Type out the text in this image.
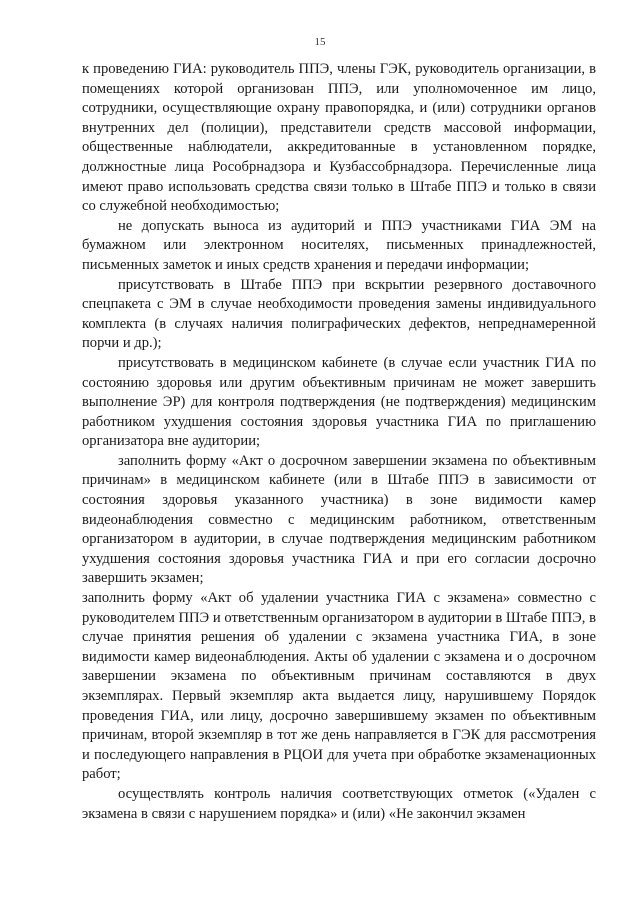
15

к проведению ГИА: руководитель ППЭ, члены ГЭК, руководитель организации, в помещениях которой организован ППЭ, или уполномоченное им лицо, сотрудники, осуществляющие охрану правопорядка, и (или) сотрудники органов внутренних дел (полиции), представители средств массовой информации, общественные наблюдатели, аккредитованные в установленном порядке, должностные лица Рособрнадзора и Кузбассобрнадзора. Перечисленные лица имеют право использовать средства связи только в Штабе ППЭ и только в связи со служебной необходимостью;

не допускать выноса из аудиторий и ППЭ участниками ГИА ЭМ на бумажном или электронном носителях, письменных принадлежностей, письменных заметок и иных средств хранения и передачи информации;

присутствовать в Штабе ППЭ при вскрытии резервного доставочного спецпакета с ЭМ в случае необходимости проведения замены индивидуального комплекта (в случаях наличия полиграфических дефектов, непреднамеренной порчи и др.);

присутствовать в медицинском кабинете (в случае если участник ГИА по состоянию здоровья или другим объективным причинам не может завершить выполнение ЭР) для контроля подтверждения (не подтверждения) медицинским работником ухудшения состояния здоровья участника ГИА по приглашению организатора вне аудитории;

заполнить форму «Акт о досрочном завершении экзамена по объективным причинам» в медицинском кабинете (или в Штабе ППЭ в зависимости от состояния здоровья указанного участника) в зоне видимости камер видеонаблюдения совместно с медицинским работником, ответственным организатором в аудитории, в случае подтверждения медицинским работником ухудшения состояния здоровья участника ГИА и при его согласии досрочно завершить экзамен;

заполнить форму «Акт об удалении участника ГИА с экзамена» совместно с руководителем ППЭ и ответственным организатором в аудитории в Штабе ППЭ, в случае принятия решения об удалении с экзамена участника ГИА, в зоне видимости камер видеонаблюдения. Акты об удалении с экзамена и о досрочном завершении экзамена по объективным причинам составляются в двух экземплярах. Первый экземпляр акта выдается лицу, нарушившему Порядок проведения ГИА, или лицу, досрочно завершившему экзамен по объективным причинам, второй экземпляр в тот же день направляется в ГЭК для рассмотрения и последующего направления в РЦОИ для учета при обработке экзаменационных работ;

осуществлять контроль наличия соответствующих отметок («Удален с экзамена в связи с нарушением порядка» и (или) «Не закончил экзамен
